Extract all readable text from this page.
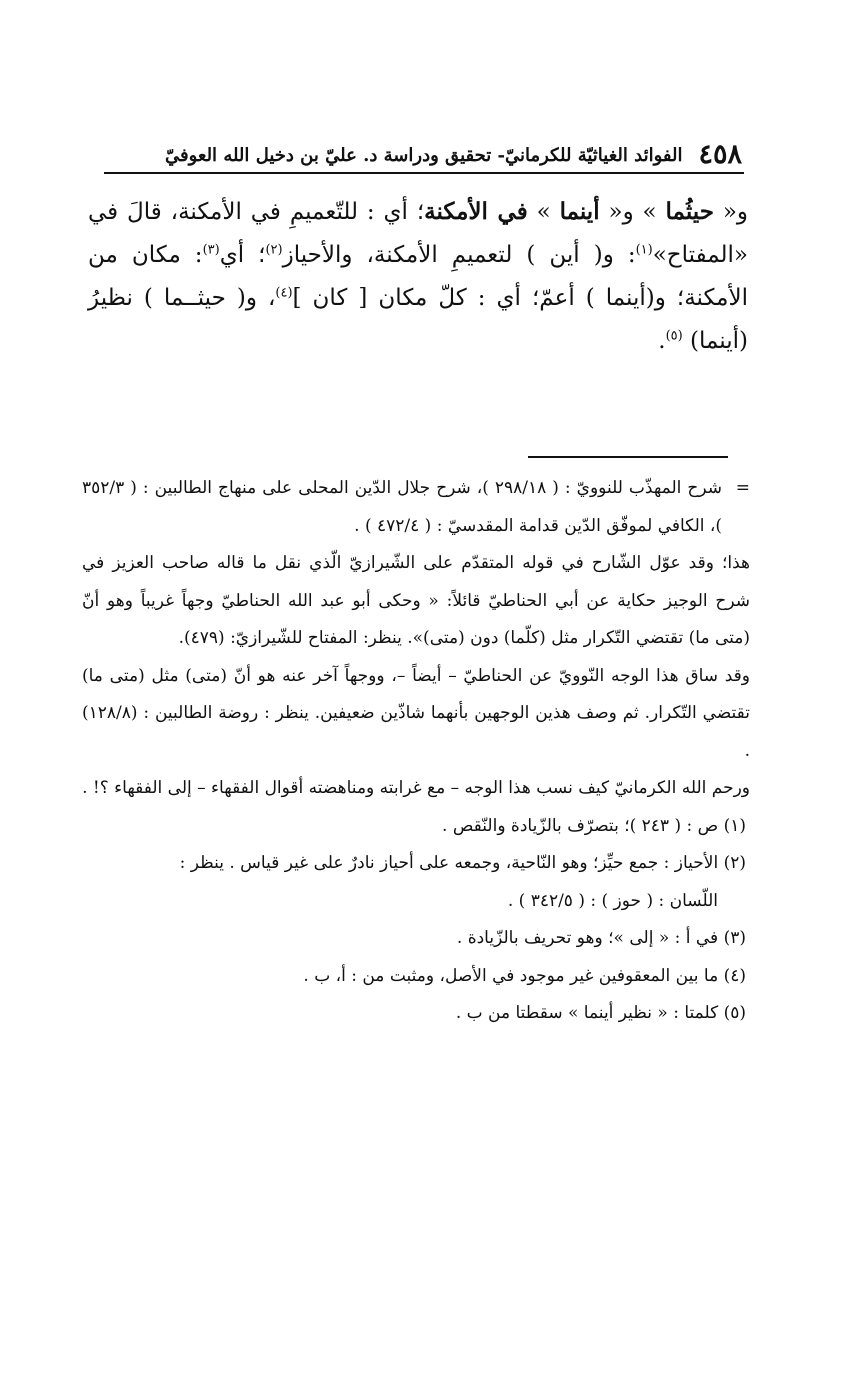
٤٥٨
الفوائد الغياثيّة للكرمانيّ- تحقيق ودراسة د. عليّ بن دخيل الله العوفيّ

و« حيثُما » و« أينما » في الأمكنة؛ أي : للتّعميمِ في الأمكنة، قالَ في «المفتاح»$^{(١)}$: و( أين ) لتعميمِ الأمكنة، والأحياز$^{(٢)}$؛ أي$^{(٣)}$: مكان من الأمكنة؛ و(أينما ) أعمّ؛ أي : كلّ مكان [ كان ]$^{(٤)}$، و( حيثــما ) نظيرُ (أينما) $^{(٥)}$.

=
شرح المهذّب للنوويّ : ( ٢٩٨/١٨ )، شرح جلال الدّين المحلى على منهاج الطالبين : ( ٣٥٢/٣ )، الكافي لموفّق الدّين قدامة المقدسيّ : ( ٤٧٢/٤ ) .

هذا؛ وقد عوّل الشّارح في قوله المتقدّم على الشّيرازيّ الّذي نقل ما قاله صاحب العزيز في شرح الوجيز حكاية عن أبي الحناطيّ قائلاً: « وحكى أبو عبد الله الحناطيّ وجهاً غريباً وهو أنّ (متى ما) تقتضي التّكرار مثل (كلّما) دون (متى)». ينظر: المفتاح للشّيرازيّ: (٤٧٩).

وقد ساق هذا الوجه النّوويّ عن الحناطيّ – أيضاً –، ووجهاً آخر عنه هو أنّ (متى) مثل (متى ما) تقتضي التّكرار. ثم وصف هذين الوجهين بأنهما شاذّين ضعيفين. ينظر : روضة الطالبين : (١٢٨/٨) .

ورحم الله الكرمانيّ كيف نسب هذا الوجه – مع غرابته ومناهضته أقوال الفقهاء – إلى الفقهاء ؟! .

(١) ص : ( ٢٤٣ )؛ بتصرّف بالزّيادة والنّقص .

(٢) الأحياز : جمع حيِّز؛ وهو النّاحية، وجمعه على أحياز نادرٌ على غير قياس . ينظر :
اللّسان : ( حوز ) : ( ٣٤٢/٥ ) .

(٣) في أ : « إلى »؛ وهو تحريف بالزّيادة .

(٤) ما بين المعقوفين غير موجود في الأصل، ومثبت من : أ، ب .

(٥) كلمتا : « نظير أينما » سقطتا من ب .
